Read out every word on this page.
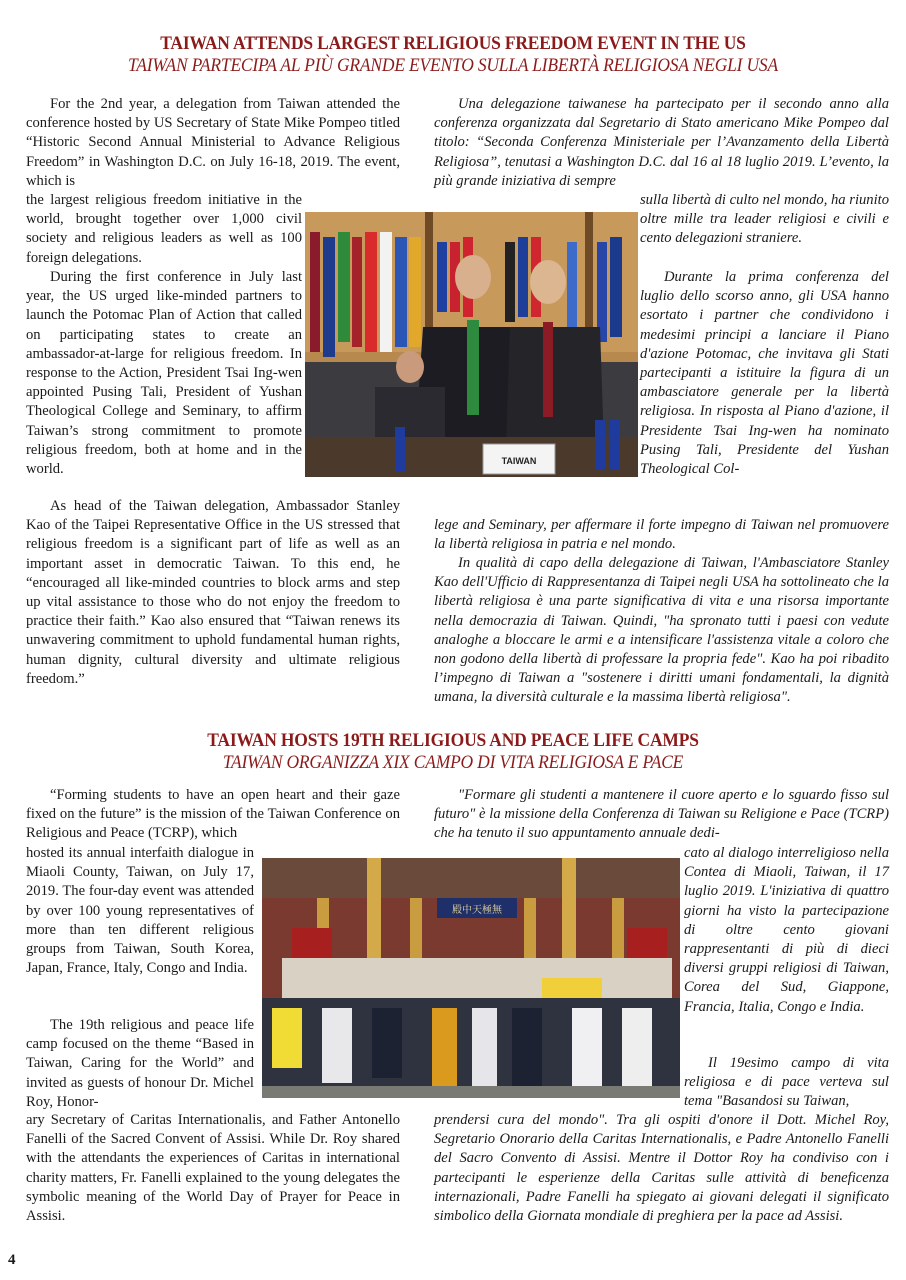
TAIWAN ATTENDS LARGEST RELIGIOUS FREEDOM EVENT IN THE US
TAIWAN PARTECIPA AL PIÙ GRANDE EVENTO SULLA LIBERTÀ RELIGIOSA NEGLI USA

For the 2nd year, a delegation from Taiwan attended the conference hosted by US Secretary of State Mike Pompeo titled “Historic Second Annual Ministerial to Advance Religious Freedom” in Washington D.C. on July 16-18, 2019. The event, which is

the largest religious freedom initiative in the world, brought together over 1,000 civil society and religious leaders as well as 100 foreign delegations.

During the first conference in July last year, the US urged like-minded partners to launch the Potomac Plan of Action that called on participating states to create an ambassador-at-large for religious freedom. In response to the Action, President Tsai Ing-wen appointed Pusing Tali, President of Yushan Theological College and Seminary, to affirm Taiwan’s strong commitment to promote religious freedom, both at home and in the world.

As head of the Taiwan delegation, Ambassador Stanley Kao of the Taipei Representative Office in the US stressed that religious freedom is a significant part of life as well as an important asset in democratic Taiwan. To this end, he “encouraged all like-minded countries to block arms and step up vital assistance to those who do not enjoy the freedom to practice their faith.” Kao also ensured that “Taiwan renews its unwavering commitment to uphold fundamental human rights, human dignity, cultural diversity and ultimate religious freedom.”

Una delegazione taiwanese ha partecipato per il secondo anno alla conferenza organizzata dal Segretario di Stato americano Mike Pompeo dal titolo: “Seconda Conferenza Ministeriale per l’Avanzamento della Libertà Religiosa”, tenutasi a Washington D.C. dal 16 al 18 luglio 2019. L’evento, la più grande iniziativa di sempre

sulla libertà di culto nel mondo, ha riunito oltre mille tra leader religiosi e civili e cento delegazioni straniere.

Durante la prima conferenza del luglio dello scorso anno, gli USA hanno esortato i partner che condividono i medesimi principi a lanciare il Piano d'azione Potomac, che invitava gli Stati partecipanti a istituire la figura di un ambasciatore generale per la libertà religiosa. In risposta al Piano d'azione, il Presidente Tsai Ing-wen ha nominato Pusing Tali, Presidente del Yushan Theological Col-

lege and Seminary, per affermare il forte impegno di Taiwan nel promuovere la libertà religiosa in patria e nel mondo.

In qualità di capo della delegazione di Taiwan, l'Ambasciatore Stanley Kao dell'Ufficio di Rappresentanza di Taipei negli USA ha sottolineato che la libertà religiosa è una parte significativa di vita e una risorsa importante nella democrazia di Taiwan. Quindi, "ha spronato tutti i paesi con vedute analoghe a bloccare le armi e a intensificare l'assistenza vitale a coloro che non godono della libertà di professare la propria fede". Kao ha poi ribadito l’impegno di Taiwan a "sostenere i diritti umani fondamentali, la dignità umana, la diversità culturale e la massima libertà religiosa".

TAIWAN
TAIWAN HOSTS 19TH RELIGIOUS AND PEACE LIFE CAMPS
TAIWAN ORGANIZZA XIX CAMPO DI VITA RELIGIOSA E PACE

“Forming students to have an open heart and their gaze fixed on the future” is the mission of the Taiwan Conference on Religious and Peace (TCRP), which

hosted its annual interfaith dialogue in Miaoli County, Taiwan, on July 17, 2019. The four-day event was attended by over 100 young representatives of more than ten different religious groups from Taiwan, South Korea, Japan, France, Italy, Congo and India.

The 19th religious and peace life camp focused on the theme “Based in Taiwan, Caring for the World” and invited as guests of honour Dr. Michel Roy, Honor-

ary Secretary of Caritas Internationalis, and Father Antonello Fanelli of the Sacred Convent of Assisi. While Dr. Roy shared with the attendants the experiences of Caritas in international charity matters, Fr. Fanelli explained to the young delegates the symbolic meaning of the World Day of Prayer for Peace in Assisi.

"Formare gli studenti a mantenere il cuore aperto e lo sguardo fisso sul futuro" è la missione della Conferenza di Taiwan su Religione e Pace (TCRP) che ha tenuto il suo appuntamento annuale dedi-

cato al dialogo interreligioso nella Contea di Miaoli, Taiwan, il 17 luglio 2019. L'iniziativa di quattro giorni ha visto la partecipazione di oltre cento giovani rappresentanti di più di dieci diversi gruppi religiosi di Taiwan, Corea del Sud, Giappone, Francia, Italia, Congo e India.

Il 19esimo campo di vita religiosa e di pace verteva sul tema "Basandosi su Taiwan,

prendersi cura del mondo". Tra gli ospiti d'onore il Dott. Michel Roy, Segretario Onorario della Caritas Internationalis, e Padre Antonello Fanelli del Sacro Convento di Assisi. Mentre il Dottor Roy ha condiviso con i partecipanti le esperienze della Caritas sulle attività di beneficenza internazionali, Padre Fanelli ha spiegato ai giovani delegati il significato simbolico della Giornata mondiale di preghiera per la pace ad Assisi.

殿中天極無
4
